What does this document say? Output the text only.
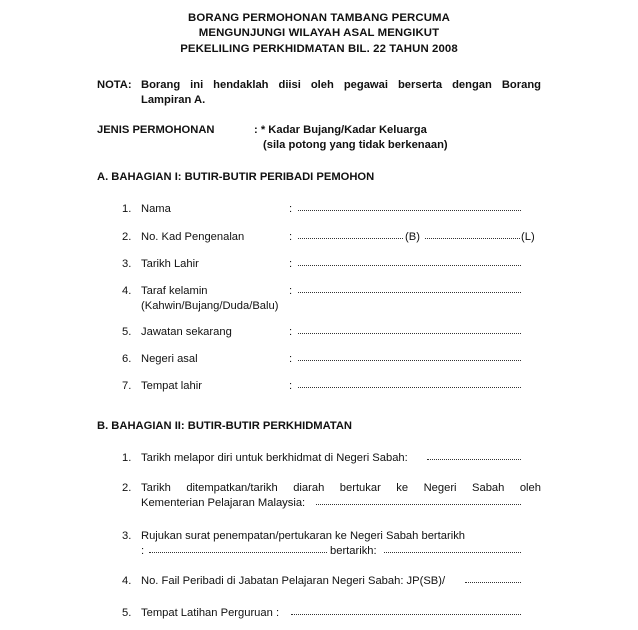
BORANG PERMOHONAN TAMBANG PERCUMA
MENGUNJUNGI WILAYAH ASAL MENGIKUT
PEKELILING PERKHIDMATAN BIL. 22 TAHUN 2008
NOTA: Borang ini hendaklah diisi oleh pegawai berserta dengan Borang
Lampiran A.
JENIS PERMOHONAN	: * Kadar Bujang/Kadar Keluarga
(sila potong yang tidak berkenaan)
A. BAHAGIAN I: BUTIR-BUTIR PERIBADI PEMOHON
1. Nama	:
2. No. Kad Pengenalan	:	(B)	(L)
3. Tarikh Lahir	:
4. Taraf kelamin
(Kahwin/Bujang/Duda/Balu)
:
5. Jawatan sekarang	:
6. Negeri asal	:
7. Tempat lahir	:
B. BAHAGIAN II: BUTIR-BUTIR PERKHIDMATAN
1. Tarikh melapor diri untuk berkhidmat di Negeri Sabah:
2. Tarikh ditempatkan/tarikh diarah bertukar ke Negeri Sabah oleh
Kementerian Pelajaran Malaysia:
3. Rujukan surat penempatan/pertukaran ke Negeri Sabah bertarikh
:	bertarikh:
4. No. Fail Peribadi di Jabatan Pelajaran Negeri Sabah: JP(SB)/
5. Tempat Latihan Perguruan :
